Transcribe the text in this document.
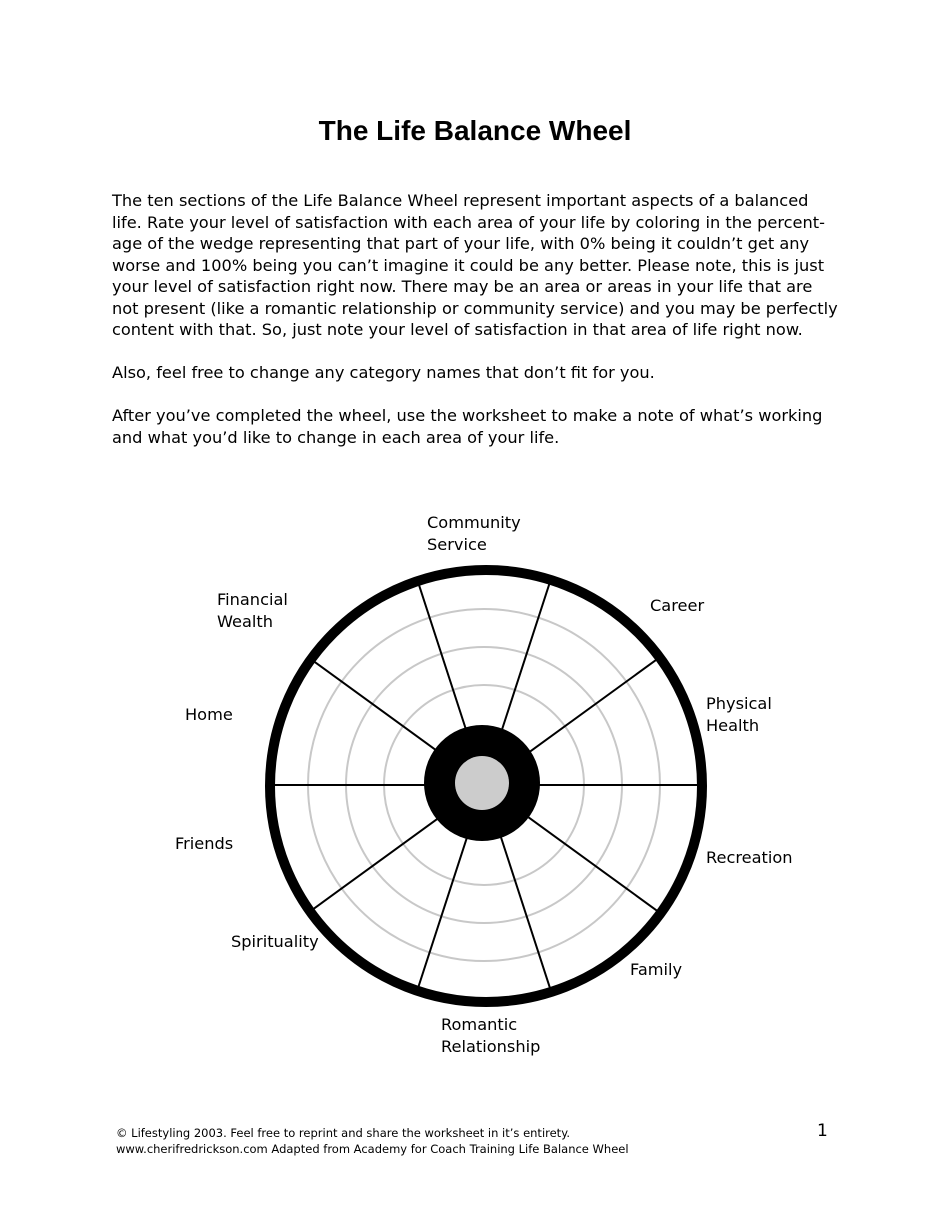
The Life Balance Wheel

The ten sections of the Life Balance Wheel represent important aspects of a balanced life. Rate your level of satisfaction with each area of your life by coloring in the percent-age of the wedge representing that part of your life, with 0% being it couldn’t get any worse and 100% being you can’t imagine it could be any better. Please note, this is just your level of satisfaction right now. There may be an area or areas in your life that are not present (like a romantic relationship or community service) and you may be perfectly content with that. So, just note your level of satisfaction in that area of life right now.

Also, feel free to change any category names that don’t fit for you.

After you’ve completed the wheel, use the worksheet to make a note of what’s working and what you’d like to change in each area of your life.

Community
Service
Career
Physical
Health
Recreation
Family
Romantic
Relationship
Spirituality
Friends
Home
Financial
Wealth
© Lifestyling 2003. Feel free to reprint and share the worksheet in it’s entirety.
www.cherifredrickson.com Adapted from Academy for Coach Training Life Balance Wheel
1
